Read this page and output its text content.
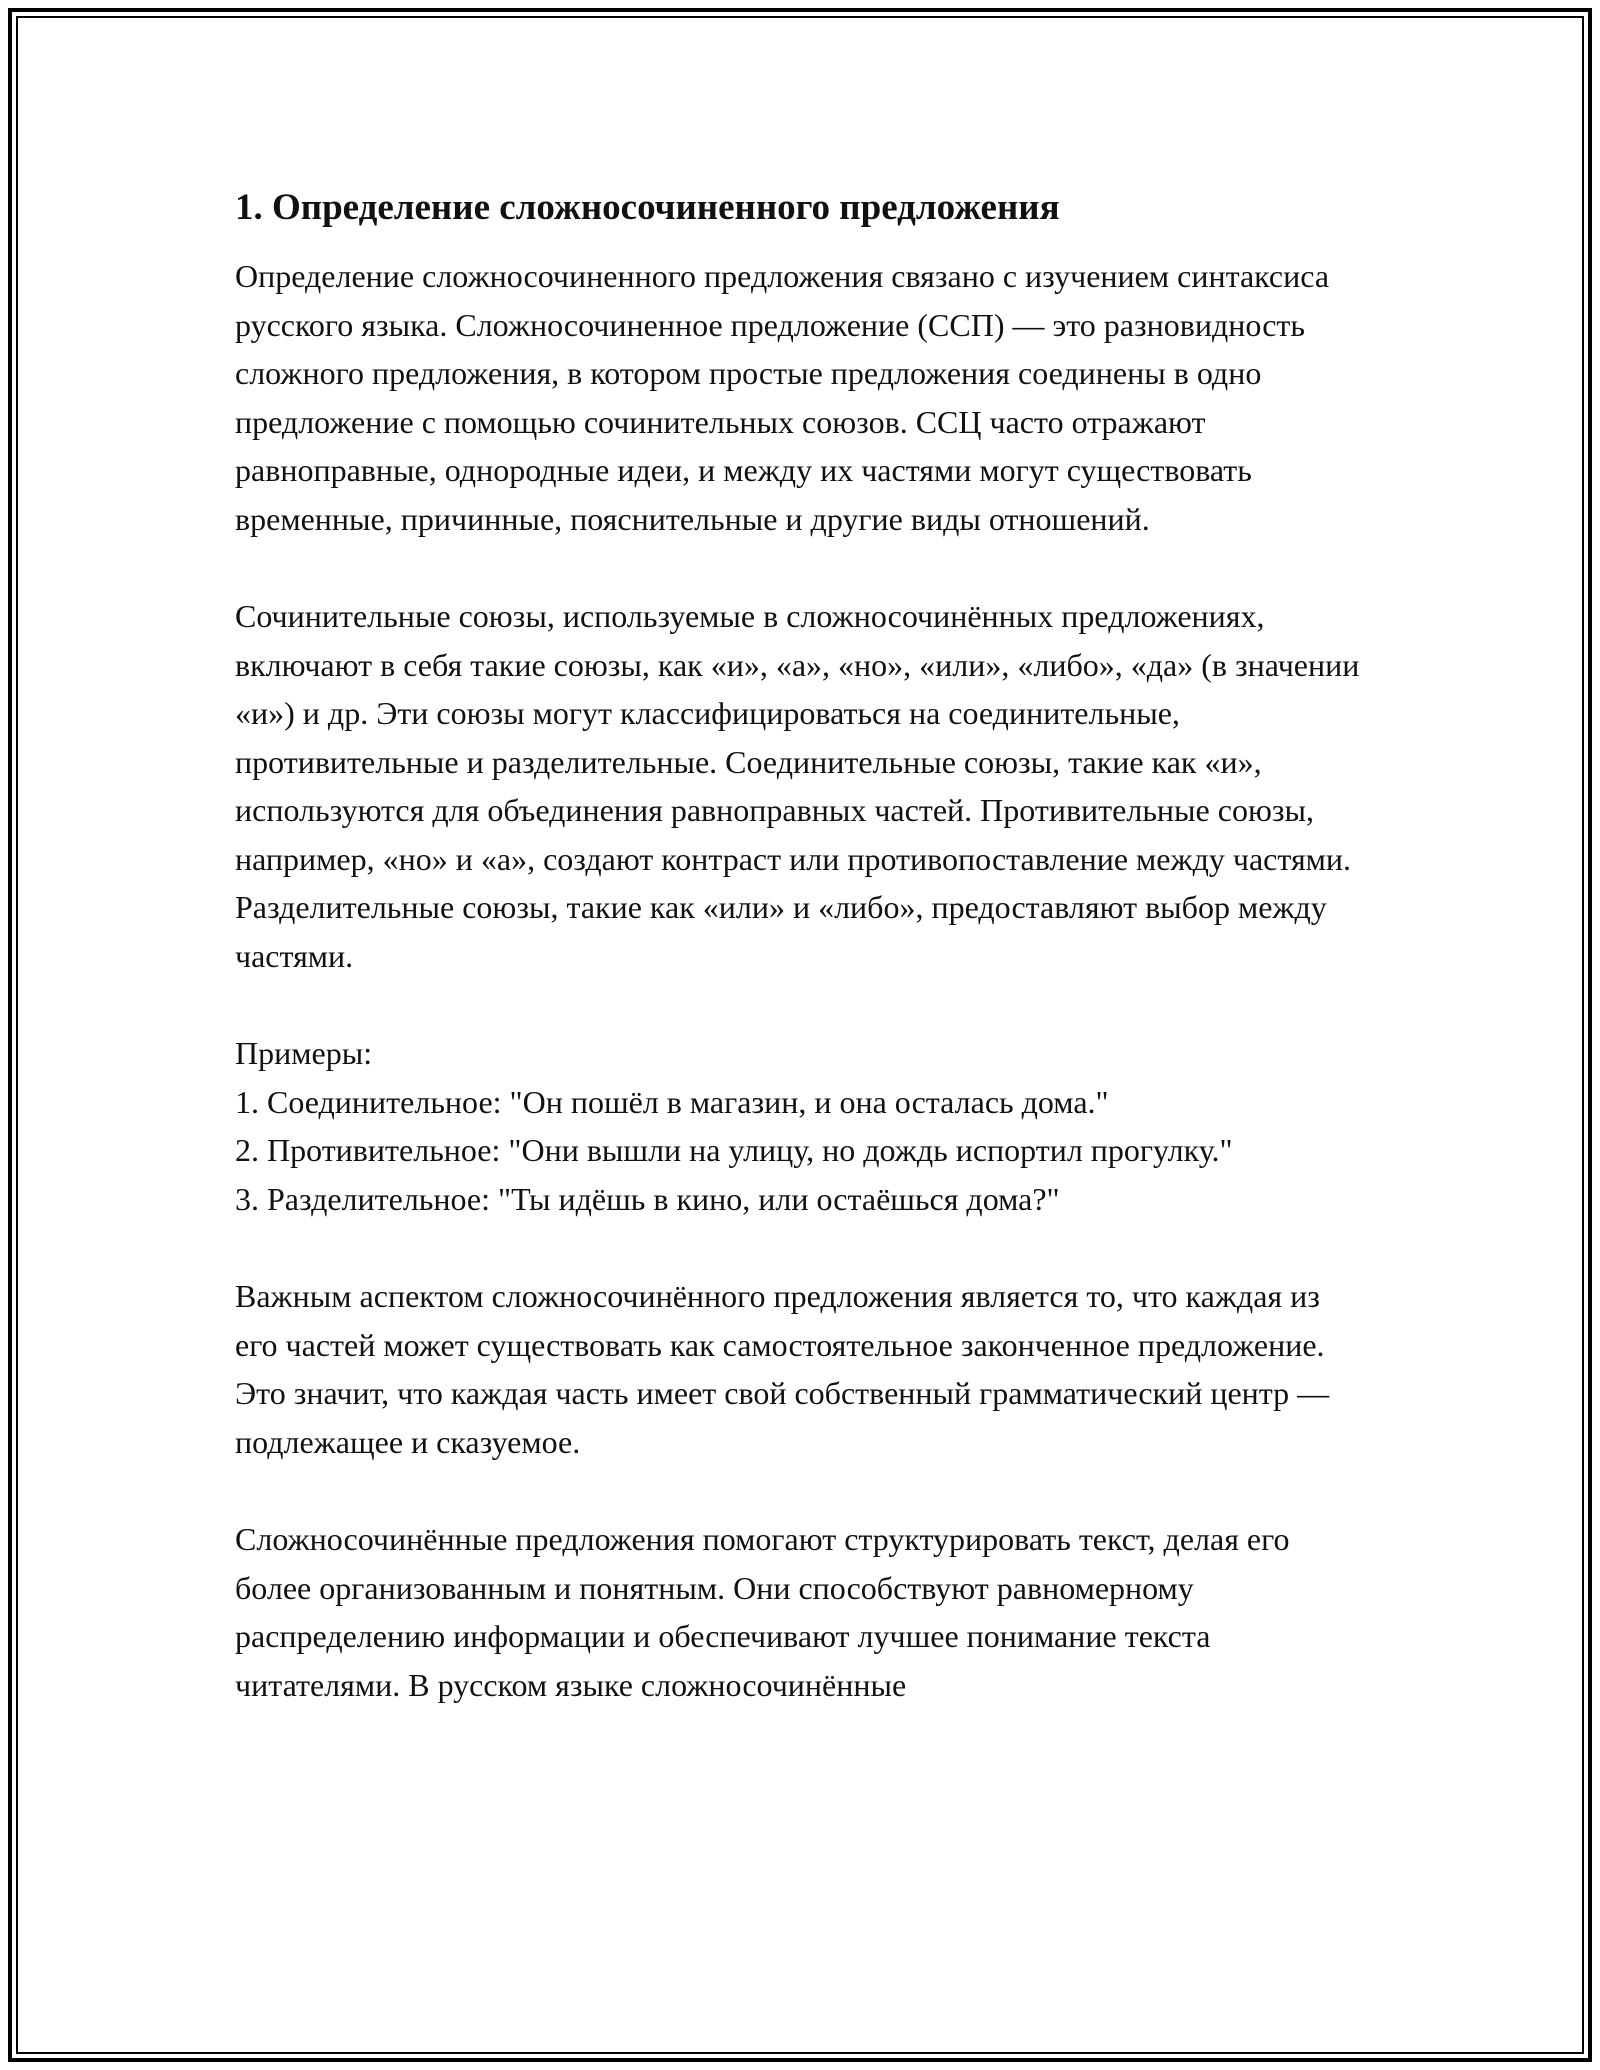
1. Определение сложносочиненного предложения

Определение сложносочиненного предложения связано с изучением синтаксиса русского языка. Сложносочиненное предложение (ССП) — это разновидность сложного предложения, в котором простые предложения соединены в одно предложение с помощью сочинительных союзов. ССЦ часто отражают равноправные, однородные идеи, и между их частями могут существовать временные, причинные, пояснительные и другие виды отношений.

Сочинительные союзы, используемые в сложносочинённых предложениях, включают в себя такие союзы, как «и», «а», «но», «или», «либо», «да» (в значении «и») и др. Эти союзы могут классифицироваться на соединительные, противительные и разделительные. Соединительные союзы, такие как «и», используются для объединения равноправных частей. Противительные союзы, например, «но» и «а», создают контраст или противопоставление между частями. Разделительные союзы, такие как «или» и «либо», предоставляют выбор между частями.

Примеры:
1. Соединительное: "Он пошёл в магазин, и она осталась дома."
2. Противительное: "Они вышли на улицу, но дождь испортил прогулку."
3. Разделительное: "Ты идёшь в кино, или остаёшься дома?"

Важным аспектом сложносочинённого предложения является то, что каждая из его частей может существовать как самостоятельное законченное предложение. Это значит, что каждая часть имеет свой собственный грамматический центр — подлежащее и сказуемое.

Сложносочинённые предложения помогают структурировать текст, делая его более организованным и понятным. Они способствуют равномерному распределению информации и обеспечивают лучшее понимание текста читателями. В русском языке сложносочинённые
